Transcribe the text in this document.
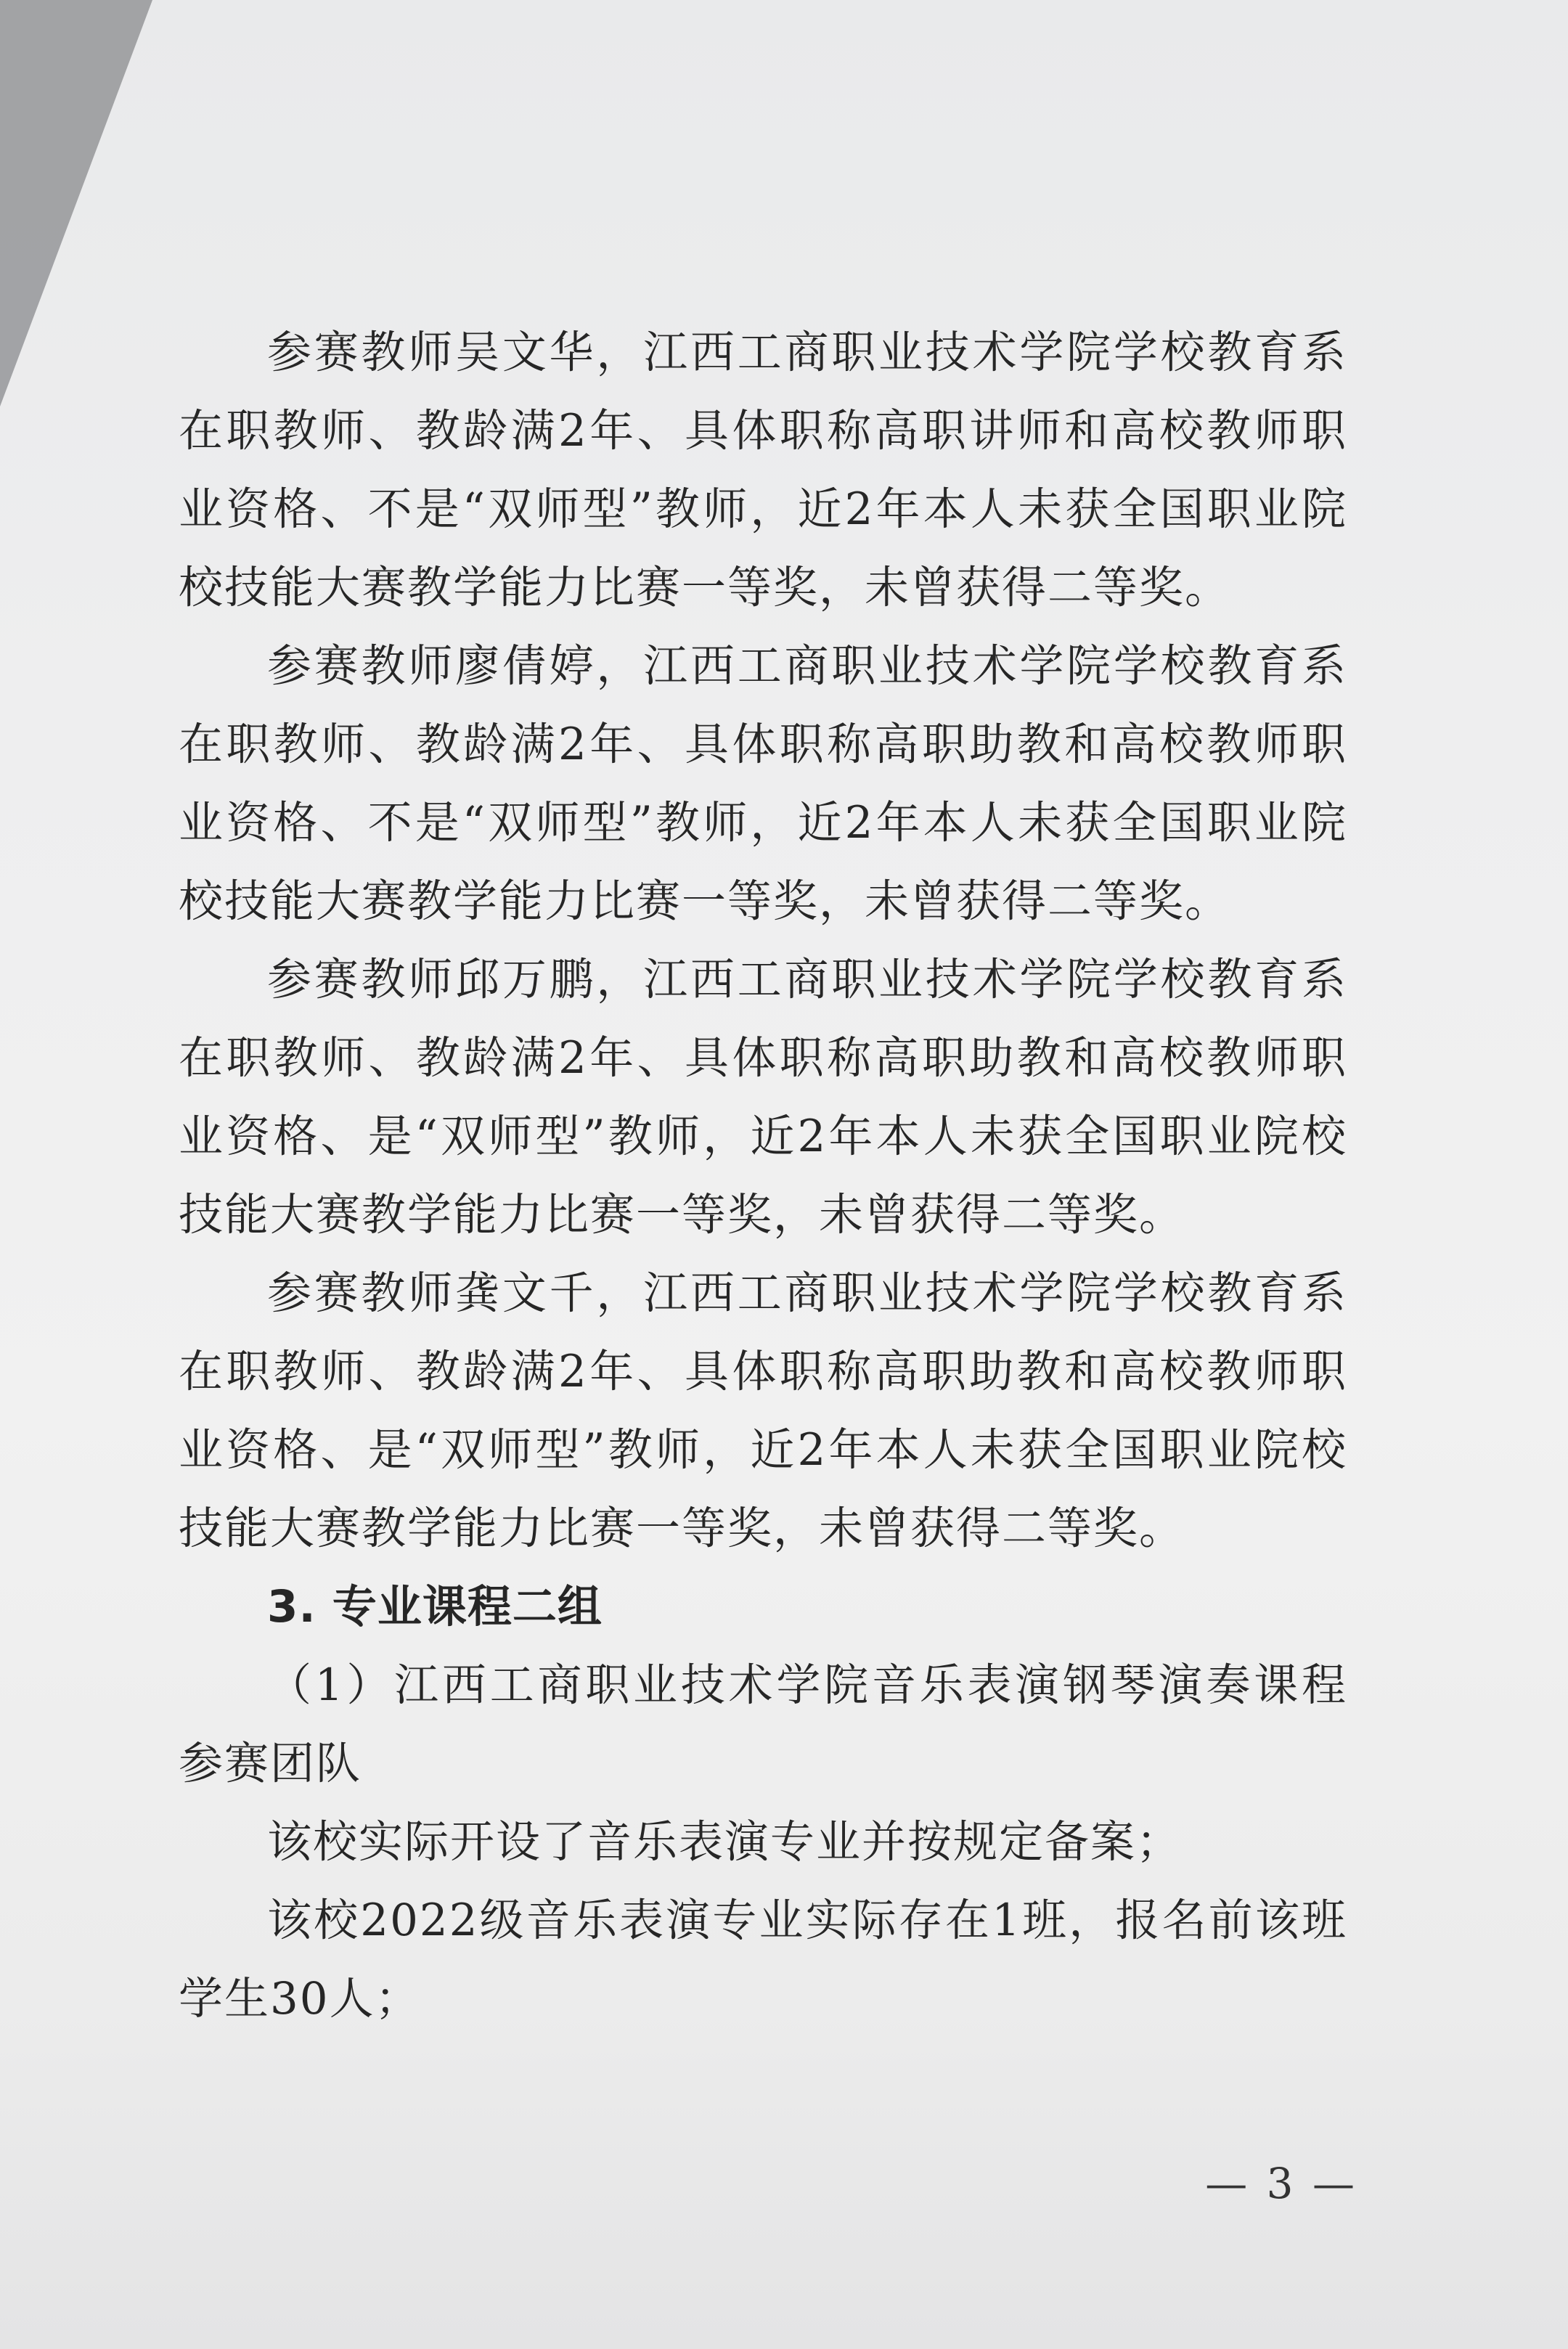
参赛教师吴文华，江西工商职业技术学院学校教育系在职教师、教龄满2年、具体职称高职讲师和高校教师职业资格、不是“双师型”教师，近2年本人未获全国职业院校技能大赛教学能力比赛一等奖，未曾获得二等奖。

参赛教师廖倩婷，江西工商职业技术学院学校教育系在职教师、教龄满2年、具体职称高职助教和高校教师职业资格、不是“双师型”教师，近2年本人未获全国职业院校技能大赛教学能力比赛一等奖，未曾获得二等奖。

参赛教师邱万鹏，江西工商职业技术学院学校教育系在职教师、教龄满2年、具体职称高职助教和高校教师职业资格、是“双师型”教师，近2年本人未获全国职业院校技能大赛教学能力比赛一等奖，未曾获得二等奖。

参赛教师龚文千，江西工商职业技术学院学校教育系在职教师、教龄满2年、具体职称高职助教和高校教师职业资格、是“双师型”教师，近2年本人未获全国职业院校技能大赛教学能力比赛一等奖，未曾获得二等奖。

3. 专业课程二组

（1）江西工商职业技术学院音乐表演钢琴演奏课程参赛团队

该校实际开设了音乐表演专业并按规定备案；

该校2022级音乐表演专业实际存在1班，报名前该班学生30人；

— 3 —
